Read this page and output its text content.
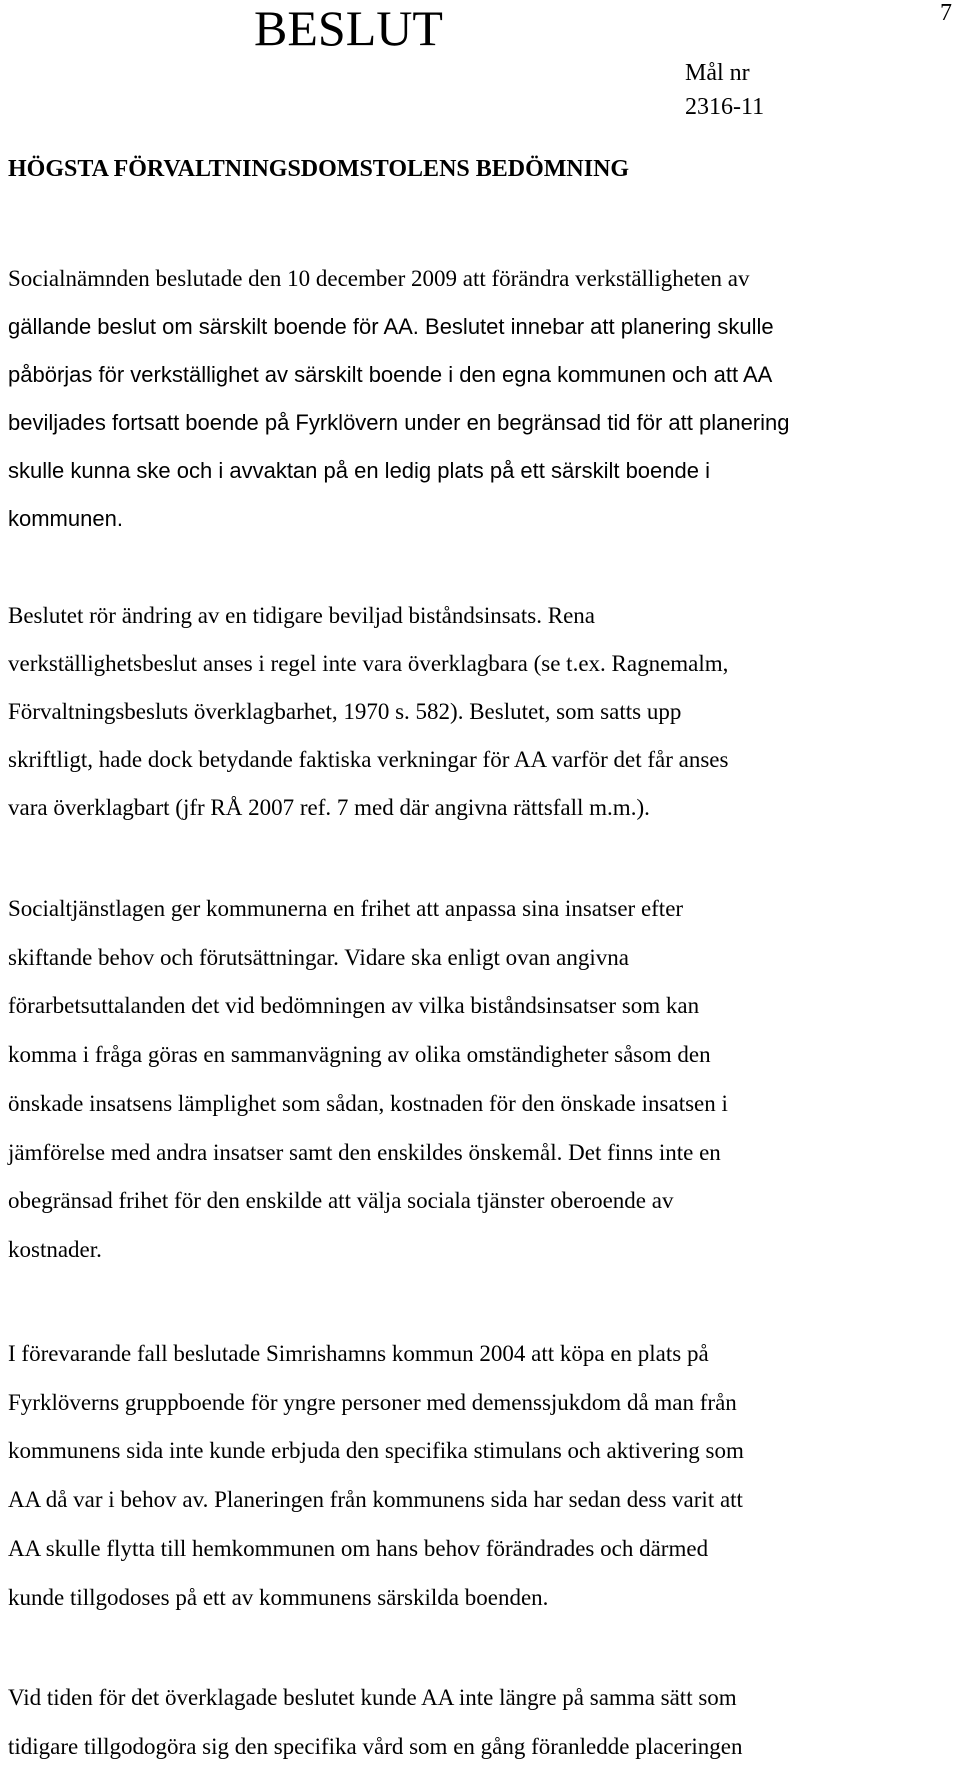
BESLUT	7
Mål nr
2316-11
HÖGSTA FÖRVALTNINGSDOMSTOLENS BEDÖMNING

Socialnämnden beslutade den 10 december 2009 att förändra verkställigheten av
gällande beslut om särskilt boende för AA. Beslutet innebar att planering skulle
påbörjas för verkställighet av särskilt boende i den egna kommunen och att AA
beviljades fortsatt boende på Fyrklövern under en begränsad tid för att planering
skulle kunna ske och i avvaktan på en ledig plats på ett särskilt boende i
kommunen.

Beslutet rör ändring av en tidigare beviljad biståndsinsats. Rena
verkställighetsbeslut anses i regel inte vara överklagbara (se t.ex. Ragnemalm,
Förvaltningsbesluts överklagbarhet, 1970 s. 582). Beslutet, som satts upp
skriftligt, hade dock betydande faktiska verkningar för AA varför det får anses
vara överklagbart (jfr RÅ 2007 ref. 7 med där angivna rättsfall m.m.).

Socialtjänstlagen ger kommunerna en frihet att anpassa sina insatser efter
skiftande behov och förutsättningar. Vidare ska enligt ovan angivna
förarbetsuttalanden det vid bedömningen av vilka biståndsinsatser som kan
komma i fråga göras en sammanvägning av olika omständigheter såsom den
önskade insatsens lämplighet som sådan, kostnaden för den önskade insatsen i
jämförelse med andra insatser samt den enskildes önskemål. Det finns inte en
obegränsad frihet för den enskilde att välja sociala tjänster oberoende av
kostnader.

I förevarande fall beslutade Simrishamns kommun 2004 att köpa en plats på
Fyrklöverns gruppboende för yngre personer med demenssjukdom då man från
kommunens sida inte kunde erbjuda den specifika stimulans och aktivering som
AA då var i behov av. Planeringen från kommunens sida har sedan dess varit att
AA skulle flytta till hemkommunen om hans behov förändrades och därmed
kunde tillgodoses på ett av kommunens särskilda boenden.

Vid tiden för det överklagade beslutet kunde AA inte längre på samma sätt som
tidigare tillgodogöra sig den specifika vård som en gång föranledde placeringen
